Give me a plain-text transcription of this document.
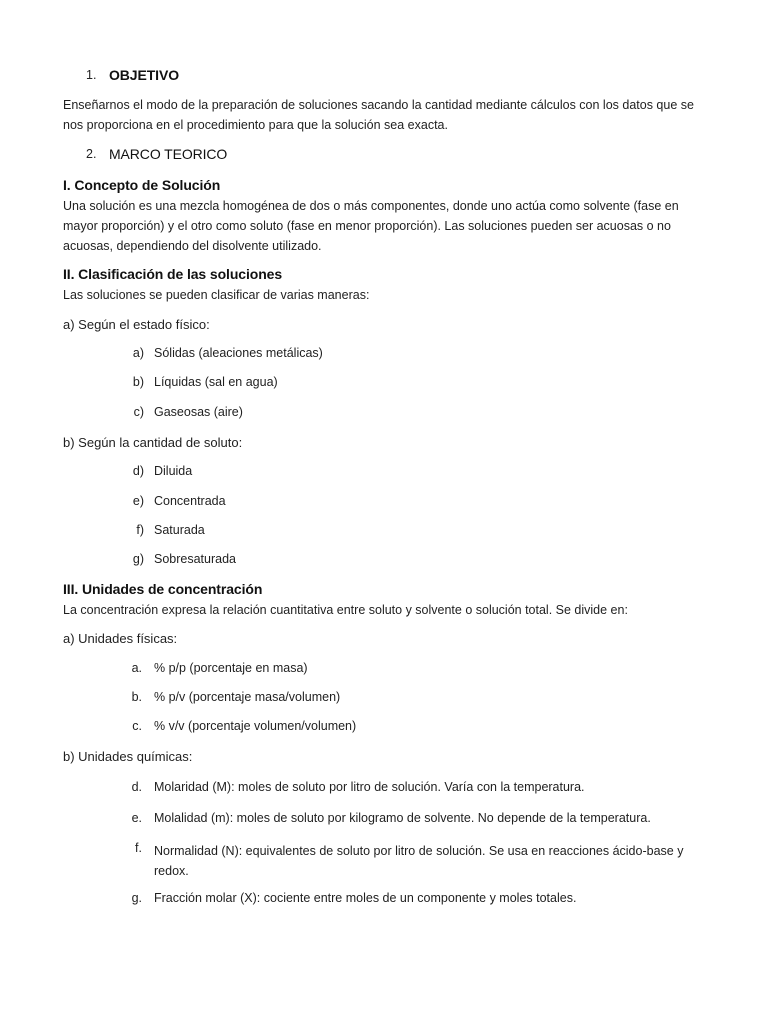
1. OBJETIVO
Enseñarnos el modo de la preparación de soluciones sacando la cantidad mediante cálculos con los datos que se nos proporciona en el procedimiento para que la solución sea exacta.
2. MARCO TEORICO
I. Concepto de Solución
Una solución es una mezcla homogénea de dos o más componentes, donde uno actúa como solvente (fase en mayor proporción) y el otro como soluto (fase en menor proporción). Las soluciones pueden ser acuosas o no acuosas, dependiendo del disolvente utilizado.
II. Clasificación de las soluciones
Las soluciones se pueden clasificar de varias maneras:
a) Según el estado físico:
a) Sólidas (aleaciones metálicas)
b) Líquidas (sal en agua)
c) Gaseosas (aire)
b) Según la cantidad de soluto:
d) Diluida
e) Concentrada
f) Saturada
g) Sobresaturada
III. Unidades de concentración
La concentración expresa la relación cuantitativa entre soluto y solvente o solución total. Se divide en:
a) Unidades físicas:
a. % p/p (porcentaje en masa)
b. % p/v (porcentaje masa/volumen)
c. % v/v (porcentaje volumen/volumen)
b) Unidades químicas:
d. Molaridad (M): moles de soluto por litro de solución. Varía con la temperatura.
e. Molalidad (m): moles de soluto por kilogramo de solvente. No depende de la temperatura.
f. Normalidad (N): equivalentes de soluto por litro de solución. Se usa en reacciones ácido-base y redox.
g. Fracción molar (X): cociente entre moles de un componente y moles totales.
